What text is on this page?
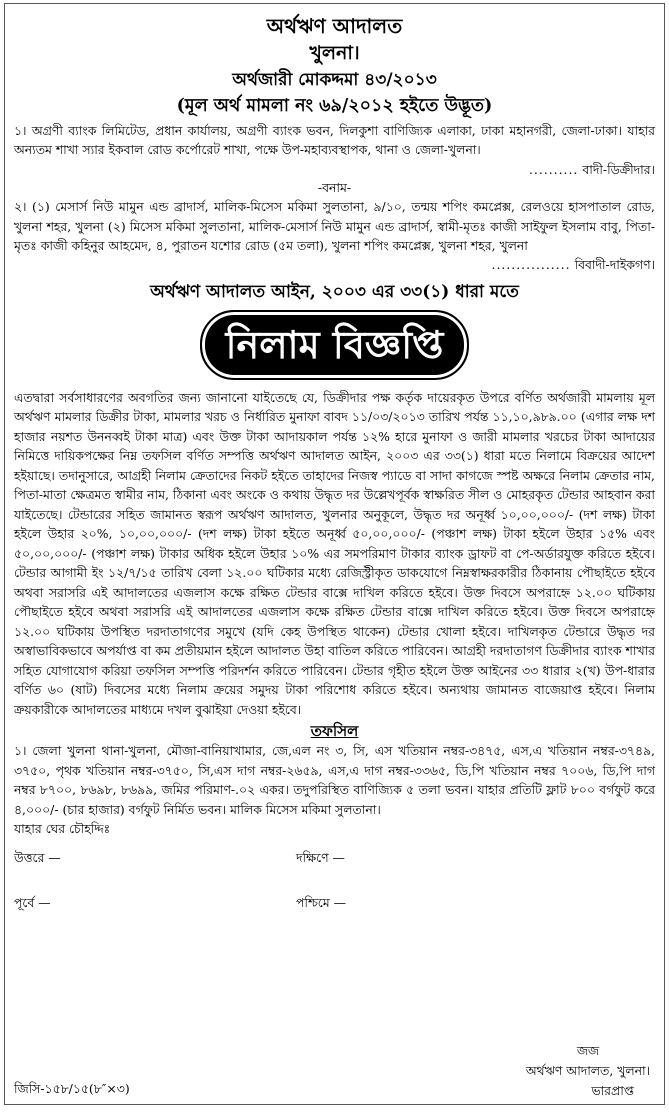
অর্থঋণ আদালত
খুলনা।
অর্থজারী মোকদ্দমা ৪৩/২০১৩
(মূল অর্থ মামলা নং ৬৯/২০১২ হইতে উদ্ভূত)

১। অগ্রণী ব্যাংক লিমিটেড, প্রধান কার্যালয়, অগ্রণী ব্যাংক ভবন, দিলকুশা বাণিজ্যিক এলাকা, ঢাকা মহানগরী, জেলা-ঢাকা। যাহার অন্যতম শাখা স্যার ইকবাল রোড কর্পোরেট শাখা, পক্ষে উপ-মহাব্যবস্থাপক, থানা ও জেলা-খুলনা।

.......... বাদী-ডিক্রীদার।
-বনাম-

২। (১) মেসার্স নিউ মামুন এন্ড ব্রাদার্স, মালিক-মিসেস মকিমা সুলতানা, ৯/১০, তন্ময় শপিং কমপ্লেক্স, রেলওয়ে হাসপাতাল রোড, খুলনা শহর, খুলনা (২) মিসেস মকিমা সুলতানা, মালিক-মেসার্স নিউ মামুন এন্ড ব্রাদার্স, স্বামী-মৃতঃ কাজী সাইফুল ইসলাম বাবু, পিতা-মৃতঃ কাজী কহিনুর আহমেদ, ৪, পুরাতন যশোর রোড (৫ম তলা), খুলনা শপিং কমপ্লেক্স, খুলনা শহর, খুলনা

................ বিবাদী-দাইকগণ।
অর্থঋণ আদালত আইন, ২০০৩ এর ৩৩(১) ধারা মতে
নিলাম বিজ্ঞপ্তি

এতদ্বারা সর্বসাধারণের অবগতির জন্য জানানো যাইতেছে যে, ডিক্রীদার পক্ষ কর্তৃক দায়েরকৃত উপরে বর্ণিত অর্থজারী মামলায় মূল অর্থঋণ মামলার ডিক্রীর টাকা, মামলার খরচ ও নির্ধারিত মুনাফা বাবদ ১১/০৩/২০১৩ তারিখ পর্যন্ত ১১,১০,৯৮৯.০০ (এগার লক্ষ দশ হাজার নয়শত উননব্বই টাকা মাত্র) এবং উক্ত টাকা আদায়কাল পর্যন্ত ১২% হারে মুনাফা ও জারী মামলার খরচের টাকা আদায়ের নিমিত্তে দায়িকপক্ষের নিম্ন তফসিল বর্ণিত সম্পত্তি অর্থঋণ আদালত আইন, ২০০৩ এর ৩৩(১) ধারা মতে নিলামে বিক্রয়ের আদেশ হইয়াছে। তদানুসারে, আগ্রহী নিলাম ক্রেতাদের নিকট হইতে তাহাদের নিজস্ব প্যাডে বা সাদা কাগজে স্পষ্ট অক্ষরে নিলাম ক্রেতার নাম, পিতা-মাতা ক্ষেত্রমত স্বামীর নাম, ঠিকানা এবং অংকে ও কথায় উদ্ধৃত দর উল্লেখপূর্বক স্বাক্ষরিত সীল ও মোহরকৃত টেন্ডার আহবান করা যাইতেছে। টেন্ডারের সহিত জামানত স্বরূপ অর্থঋণ আদালত, খুলনার অনুকূলে, উদ্ধৃত দর অনূর্ধ্ব ১০,০০,০০০/- (দশ লক্ষ) টাকা হইলে উহার ২০%, ১০,০০,০০০/- (দশ লক্ষ) টাকা হইতে অনূর্ধ্ব ৫০,০০,০০০/- (পঞ্চাশ লক্ষ) টাকা হইলে উহার ১৫% এবং ৫০,০০,০০০/- (পঞ্চাশ লক্ষ) টাকার অধিক হইলে উহার ১০% এর সমপরিমাণ টাকার ব্যাংক ড্রাফট বা পে-অর্ডারযুক্ত করিতে হইবে। টেন্ডার আগামী ইং ১২/৭/১৫ তারিখ বেলা ১২.০০ ঘটিকার মধ্যে রেজিস্ট্রীকৃত ডাকযোগে নিম্নস্বাক্ষরকারীর ঠিকানায় পৌছাইতে হইবে অথবা সরাসরি এই আদালতের এজলাস কক্ষে রক্ষিত টেন্ডার বাক্সে দাখিল করিতে হইবে। উক্ত দিবসে অপরাহ্নে ১২.০০ ঘটিকায় পৌছাইতে হইবে অথবা সরাসরি এই আদালতের এজলাস কক্ষে রক্ষিত টেন্ডার বাক্সে দাখিল করিতে হইবে। উক্ত দিবসে অপরাহ্নে ১২.০০ ঘটিকায় উপস্থিত দরদাতাগণের সমুখে (যদি কেহ উপস্থিত থাকেন) টেন্ডার খোলা হইবে। দাখিলকৃত টেন্ডারে উদ্ধৃত দর অস্বাভাবিকভাবে অপর্যাপ্ত বা কম প্রতীয়মান হইলে আদালত উহা বাতিল করিতে পারিবেন। আগ্রহী দরদাতাগণ ডিক্রীদার ব্যাংক শাখার সহিত যোগাযোগ করিয়া তফসিল সম্পত্তি পরিদর্শন করিতে পারিবেন। টেন্ডার গৃহীত হইলে উক্ত আইনের ৩৩ ধারার ২(খ) উপ-ধারার বর্ণিত ৬০ (ষাট) দিবসের মধ্যে নিলাম ক্রয়ের সমুদয় টাকা পরিশোধ করিতে হইবে। অন্যথায় জামানত বাজেয়াপ্ত হইবে। নিলাম ক্রয়কারীকে আদালতের মাধ্যমে দখল বুঝাইয়া দেওয়া হইবে।

তফসিল

১। জেলা খুলনা থানা-খুলনা, মৌজা-বানিয়াখামার, জে,এল নং ৩, সি, এস খতিয়ান নম্বর-৩৪৭৫, এস,এ খতিয়ান নম্বর-৩৭৪৯, ৩৭৫০, পৃথক খতিয়ান নম্বর-৩৭৫০, সি,এস দাগ নম্বর-২৬৫৯, এস,এ দাগ নম্বর-৩৩৬৫, ডি,পি খতিয়ান নম্বর ৭০০৬, ডি,পি দাগ নম্বর ৮৭০০, ৮৬৯৮, ৮৬৯৯, জমির পরিমাণ-.০২ একর। তদুপরিস্থিত বাণিজ্যিক ৫ তলা ভবন। যাহার প্রতিটি ফ্লাট ৮০০ বর্গফুট করে ৪,০০০/- (চার হাজার) বর্গফুট নির্মিত ভবন। মালিক মিসেস মকিমা সুলতানা।

যাহার ঘের চৌহদ্দিঃ
উত্তরে —	দক্ষিণে —
পূর্বে —	পশ্চিমে —
জজ
অর্থঋণ আদালত, খুলনা।
ভারপ্রাপ্ত
জিসি-১৫৮/১৫(৮″×৩)
